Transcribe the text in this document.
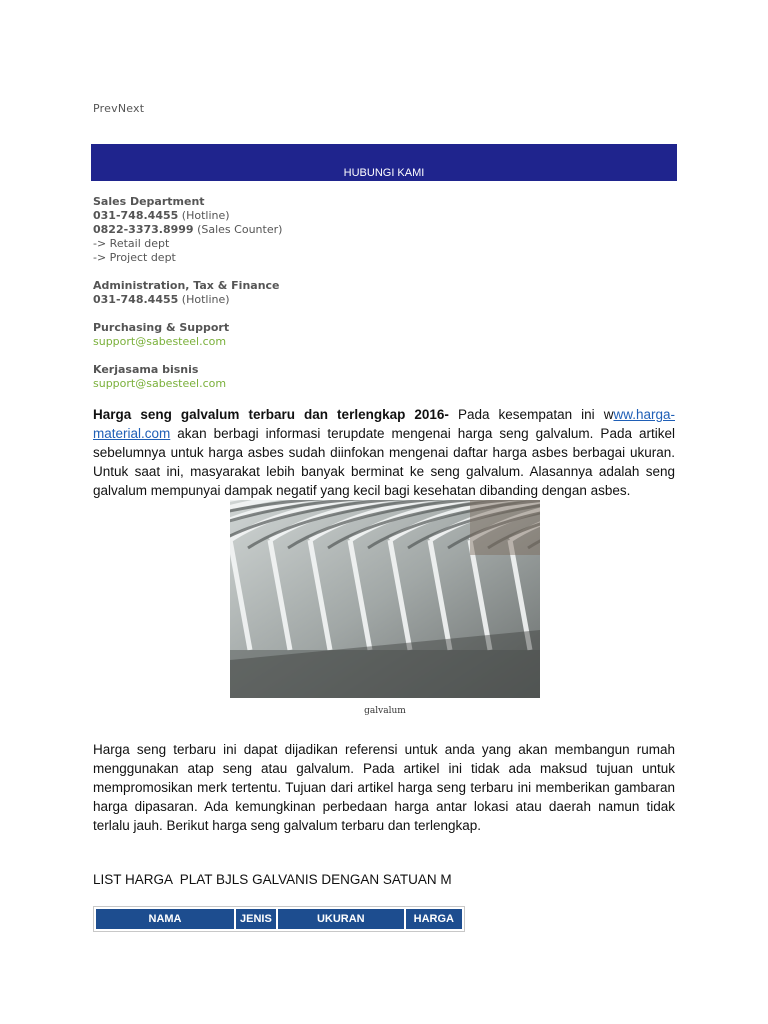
PrevNext
HUBUNGI KAMI
Sales Department
031-748.4455 (Hotline)
0822-3373.8999 (Sales Counter)
-> Retail dept
-> Project dept
Administration, Tax & Finance
031-748.4455 (Hotline)
Purchasing & Support
support@sabesteel.com
Kerjasama bisnis
support@sabesteel.com
Harga seng galvalum terbaru dan terlengkap 2016- Pada kesempatan ini www.harga-material.com akan berbagi informasi terupdate mengenai harga seng galvalum. Pada artikel sebelumnya untuk harga asbes sudah diinfokan mengenai daftar harga asbes berbagai ukuran. Untuk saat ini, masyarakat lebih banyak berminat ke seng galvalum. Alasannya adalah seng galvalum mempunyai dampak negatif yang kecil bagi kesehatan dibanding dengan asbes.
galvalum
Harga seng terbaru ini dapat dijadikan referensi untuk anda yang akan membangun rumah menggunakan atap seng atau galvalum. Pada artikel ini tidak ada maksud tujuan untuk mempromosikan merk tertentu. Tujuan dari artikel harga seng terbaru ini memberikan gambaran harga dipasaran. Ada kemungkinan perbedaan harga antar lokasi atau daerah namun tidak terlalu jauh. Berikut harga seng galvalum terbaru dan terlengkap.
LIST HARGA  PLAT BJLS GALVANIS DENGAN SATUAN M
NAMA	JENIS	UKURAN	HARGA
